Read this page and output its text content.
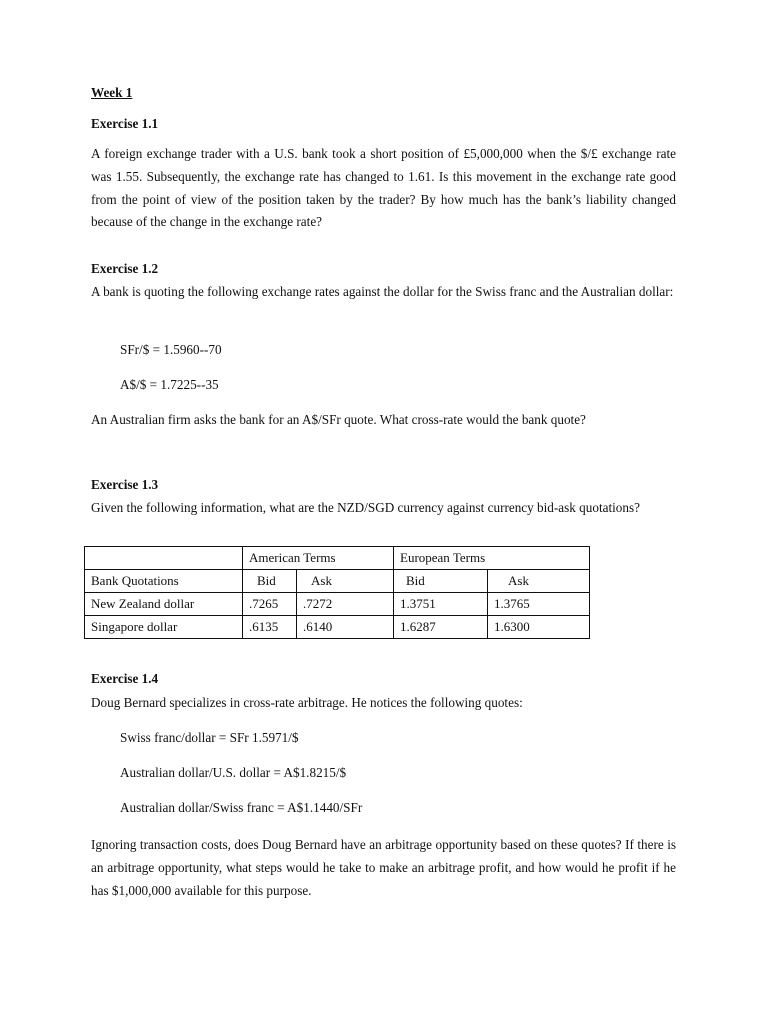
Week 1
Exercise 1.1
A foreign exchange trader with a U.S. bank took a short position of £5,000,000 when the $/£ exchange rate was 1.55. Subsequently, the exchange rate has changed to 1.61. Is this movement in the exchange rate good from the point of view of the position taken by the trader? By how much has the bank’s liability changed because of the change in the exchange rate?
Exercise 1.2
A bank is quoting the following exchange rates against the dollar for the Swiss franc and the Australian dollar:
SFr/$ = 1.5960--70
A$/$ = 1.7225--35
An Australian firm asks the bank for an A$/SFr quote. What cross-rate would the bank quote?
Exercise 1.3
Given the following information, what are the NZD/SGD currency against currency bid-ask quotations?
	American Terms		European Terms	
Bank Quotations	Bid	Ask	Bid	Ask
New Zealand dollar	.7265	.7272	1.3751	1.3765
Singapore dollar	.6135	.6140	1.6287	1.6300
Exercise 1.4
Doug Bernard specializes in cross-rate arbitrage. He notices the following quotes:
Swiss franc/dollar = SFr 1.5971/$
Australian dollar/U.S. dollar = A$1.8215/$
Australian dollar/Swiss franc = A$1.1440/SFr
Ignoring transaction costs, does Doug Bernard have an arbitrage opportunity based on these quotes? If there is an arbitrage opportunity, what steps would he take to make an arbitrage profit, and how would he profit if he has $1,000,000 available for this purpose.
